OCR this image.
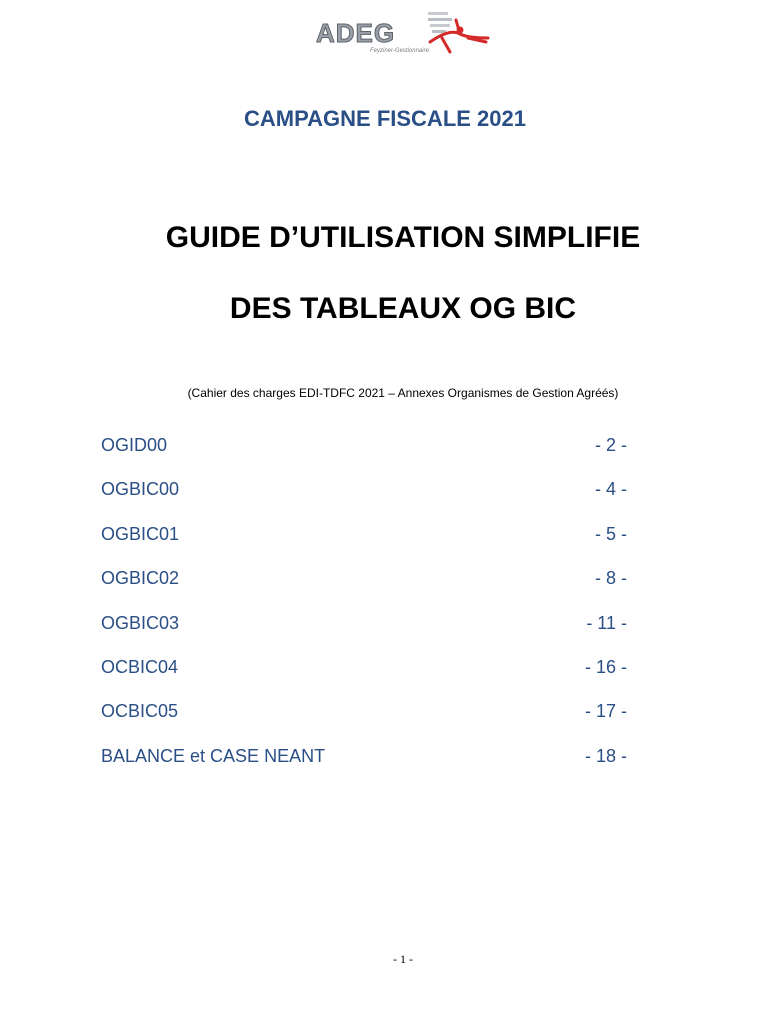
ADEG
Feyziner-Gestionnaire
CAMPAGNE FISCALE 2021
GUIDE D’UTILISATION SIMPLIFIE
DES TABLEAUX OG BIC
(Cahier des charges EDI-TDFC 2021 – Annexes Organismes de Gestion Agréés)
OGID00	- 2 -
OGBIC00	- 4 -
OGBIC01	- 5 -
OGBIC02	- 8 -
OGBIC03	- 11 -
OCBIC04	- 16 -
OCBIC05	- 17 -
BALANCE et CASE NEANT	- 18 -
- 1 -
